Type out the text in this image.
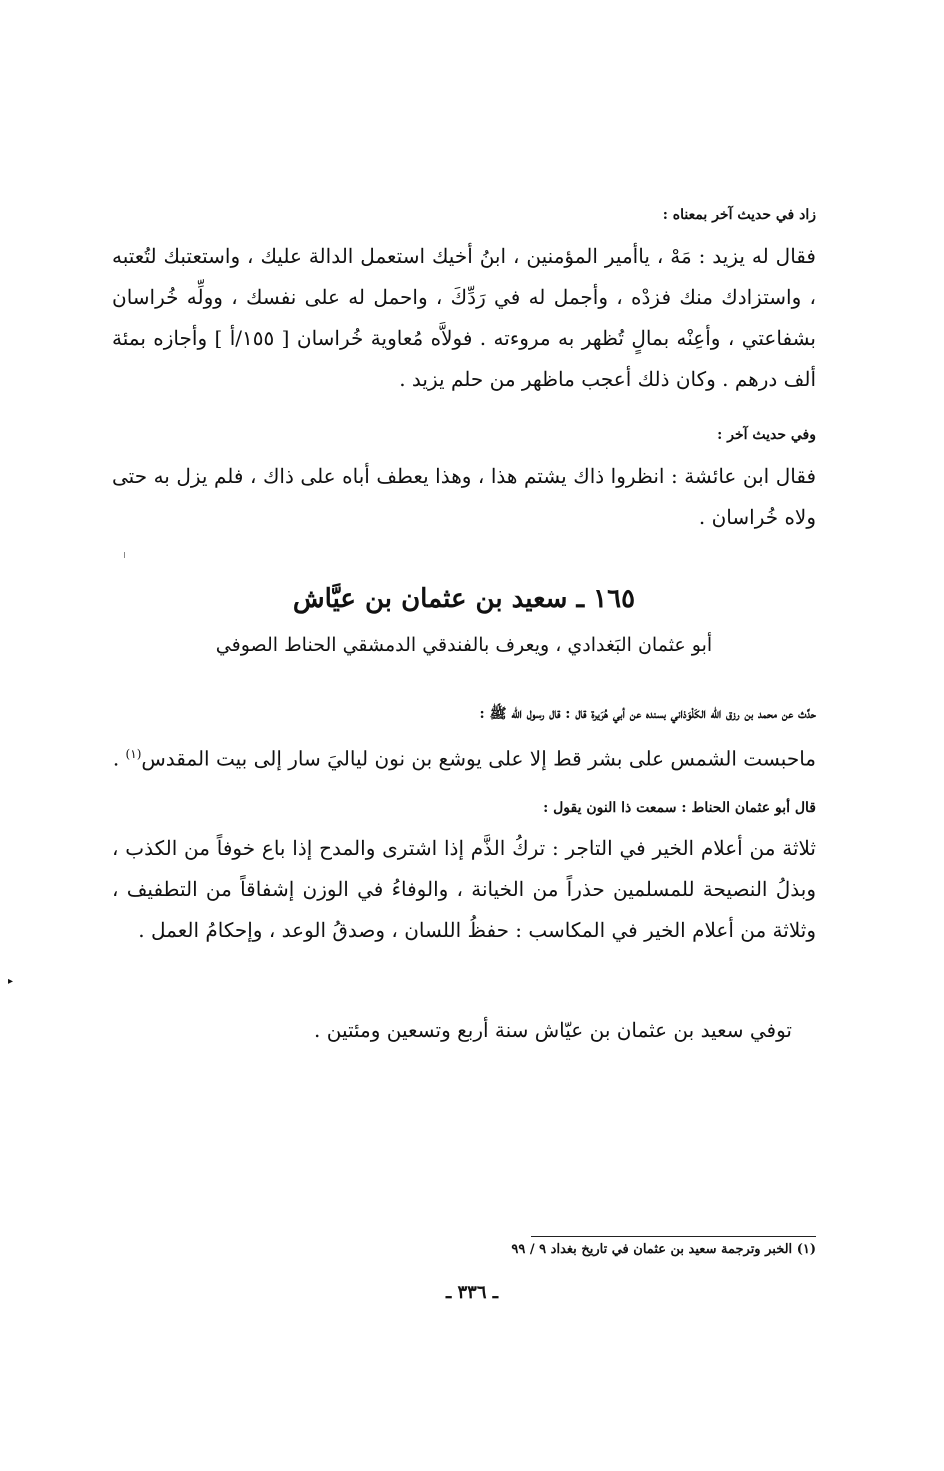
زاد في حديث آخر بمعناه :
فقال له يزيد : مَهْ ، ياأمير المؤمنين ، ابنُ أخيك استعمل الدالة عليك ، واستعتبك لتُعتبه ، واستزادك منك فزدْه ، وأجمل له في رَدِّكَ ، واحمل له على نفسك ، وولِّه خُراسان بشفاعتي ، وأعِنْه بمالٍ تُظهر به مروءته . فولاَّه مُعاوية خُراسان [ ١٥٥/أ ] وأجازه بمئة ألف درهم . وكان ذلك أعجب ماظهر من حلم يزيد .
وفي حديث آخر :
فقال ابن عائشة : انظروا ذاك يشتم هذا ، وهذا يعطف أباه على ذاك ، فلم يزل به حتى ولاه خُراسان .
١٦٥ ـ سعيد بن عثمان بن عيَّاش
أبو عثمان البَغدادي ، ويعرف بالفندقي الدمشقي الحناط الصوفي
حدَّث عن محمد بن رزق الله الكَلْوَذاني بسنده عن أبي هُرَيرة قال : قال رسول الله ﷺ :
ماحبست الشمس على بشر قط إلا على يوشع بن نون لياليَ سار إلى بيت المقدس$^{(١)}$ .
قال أبو عثمان الحناط : سمعت ذا النون يقول :
ثلاثة من أعلام الخير في التاجر : تركُ الذَّم إذا اشترى والمدح إذا باع خوفاً من الكذب ، وبذلُ النصيحة للمسلمين حذراً من الخيانة ، والوفاءُ في الوزن إشفاقاً من التطفيف ، وثلاثة من أعلام الخير في المكاسب : حفظُ اللسان ، وصدقُ الوعد ، وإحكامُ العمل .
▸
توفي سعيد بن عثمان بن عيّاش سنة أربع وتسعين ومئتين .
(١) الخبر وترجمة سعيد بن عثمان في تاريخ بغداد ٩ / ٩٩
ـ ٣٣٦ ـ
